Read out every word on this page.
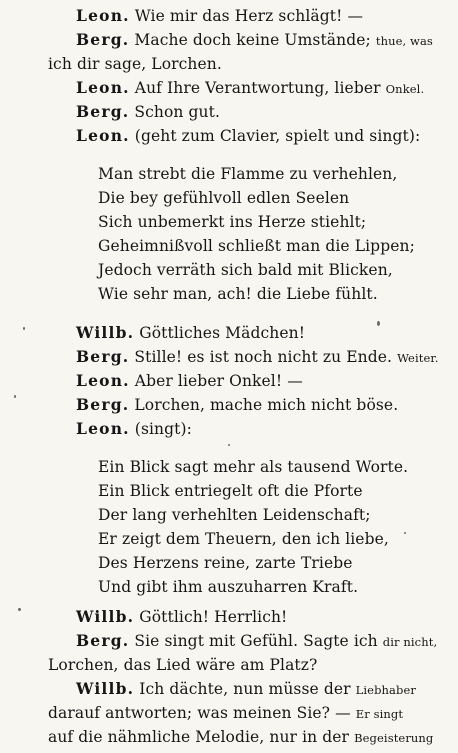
Leon. Wie mir das Herz schlägt! —
Berg. Mache doch keine Umstände; thue, was
ich dir sage, Lorchen.
Leon. Auf Ihre Verantwortung, lieber Onkel.
Berg. Schon gut.
Leon. (geht zum Clavier, spielt und singt):
Man strebt die Flamme zu verhehlen,
Die bey gefühlvoll edlen Seelen
Sich unbemerkt ins Herze stiehlt;
Geheimnißvoll schließt man die Lippen;
Jedoch verräth sich bald mit Blicken,
Wie sehr man, ach! die Liebe fühlt.
Willb. Göttliches Mädchen!
Berg. Stille! es ist noch nicht zu Ende. Weiter.
Leon. Aber lieber Onkel! —
Berg. Lorchen, mache mich nicht böse.
Leon. (singt):
Ein Blick sagt mehr als tausend Worte.
Ein Blick entriegelt oft die Pforte
Der lang verhehlten Leidenschaft;
Er zeigt dem Theuern, den ich liebe,
Des Herzens reine, zarte Triebe
Und gibt ihm auszuharren Kraft.
Willb. Göttlich! Herrlich!
Berg. Sie singt mit Gefühl. Sagte ich dir nicht,
Lorchen, das Lied wäre am Platz?
Willb. Ich dächte, nun müsse der Liebhaber
darauf antworten; was meinen Sie? — Er singt
auf die nähmliche Melodie, nur in der Begeisterung
